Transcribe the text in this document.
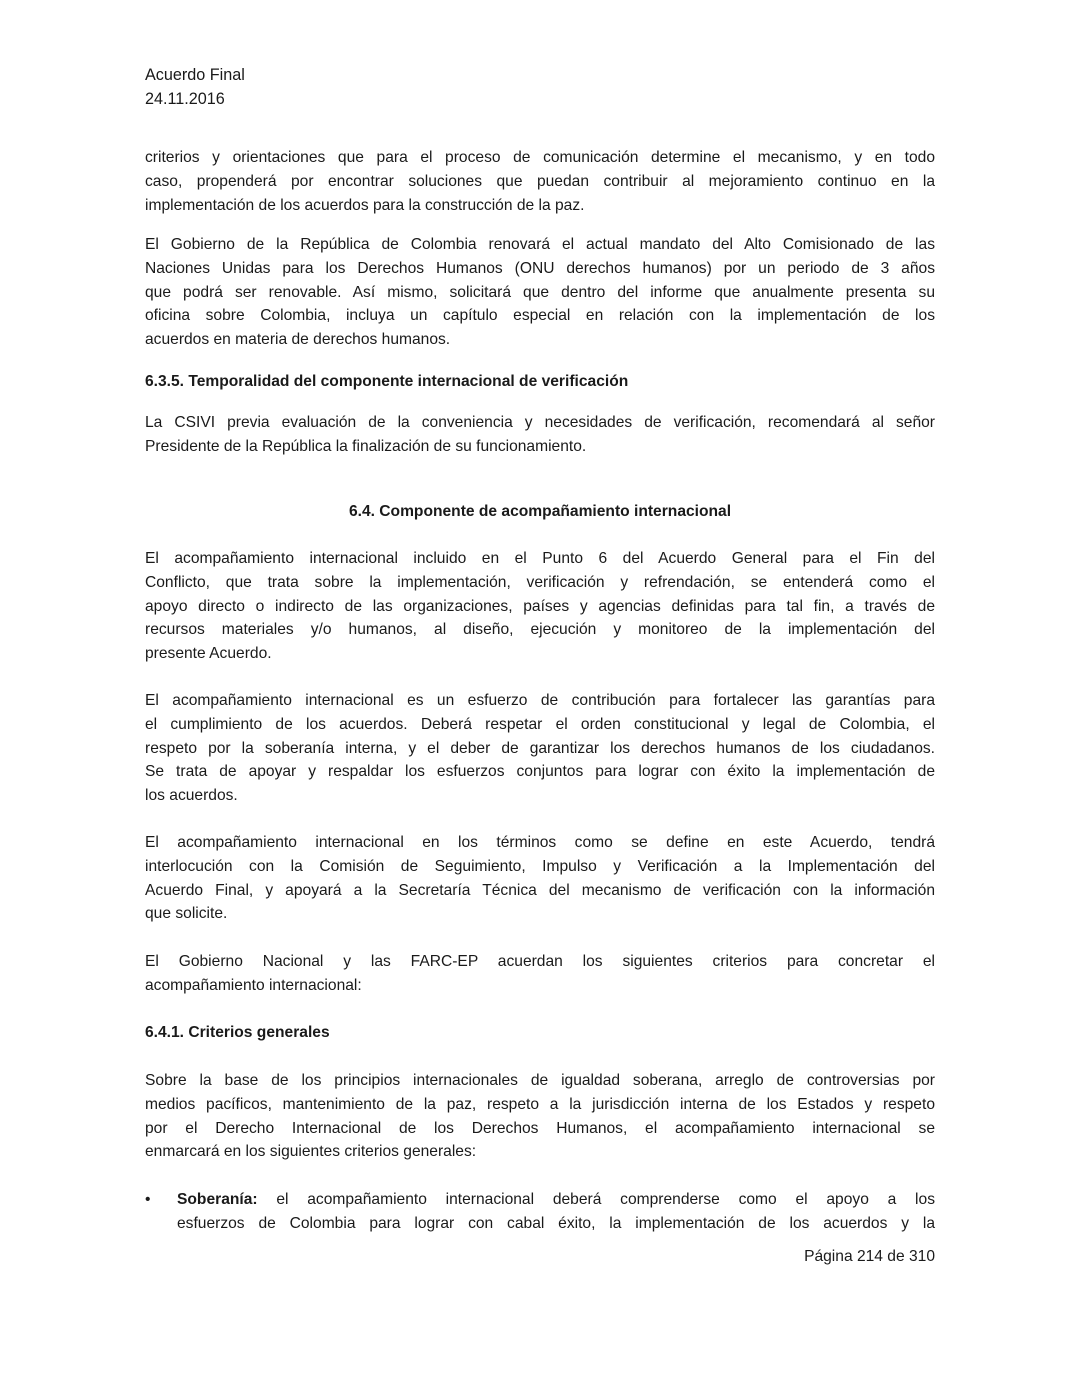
Acuerdo Final
24.11.2016
criterios y orientaciones que para el proceso de comunicación determine el mecanismo, y en todo
caso, propenderá por encontrar soluciones que puedan contribuir al mejoramiento continuo en la
implementación de los acuerdos para la construcción de la paz.
El Gobierno de la República de Colombia renovará el actual mandato del Alto Comisionado de las
Naciones Unidas para los Derechos Humanos (ONU derechos humanos) por un periodo de 3 años
que podrá ser renovable. Así mismo, solicitará que dentro del informe que anualmente presenta su
oficina sobre Colombia, incluya un capítulo especial en relación con la implementación de los
acuerdos en materia de derechos humanos.
6.3.5. Temporalidad del componente internacional de verificación
La CSIVI previa evaluación de la conveniencia y necesidades de verificación, recomendará al señor
Presidente de la República la finalización de su funcionamiento.
6.4. Componente de acompañamiento internacional
El acompañamiento internacional incluido en el Punto 6 del Acuerdo General para el Fin del
Conflicto, que trata sobre la implementación, verificación y refrendación, se entenderá como el
apoyo directo o indirecto de las organizaciones, países y agencias definidas para tal fin, a través de
recursos materiales y/o humanos, al diseño, ejecución y monitoreo de la implementación del
presente Acuerdo.
El acompañamiento internacional es un esfuerzo de contribución para fortalecer las garantías para
el cumplimiento de los acuerdos. Deberá respetar el orden constitucional y legal de Colombia, el
respeto por la soberanía interna, y el deber de garantizar los derechos humanos de los ciudadanos.
Se trata de apoyar y respaldar los esfuerzos conjuntos para lograr con éxito la implementación de
los acuerdos.
El acompañamiento internacional en los términos como se define en este Acuerdo, tendrá
interlocución con la Comisión de Seguimiento, Impulso y Verificación a la Implementación del
Acuerdo Final, y apoyará a la Secretaría Técnica del mecanismo de verificación con la información
que solicite.
El Gobierno Nacional y las FARC-EP acuerdan los siguientes criterios para concretar el
acompañamiento internacional:
6.4.1. Criterios generales
Sobre la base de los principios internacionales de igualdad soberana, arreglo de controversias por
medios pacíficos, mantenimiento de la paz, respeto a la jurisdicción interna de los Estados y respeto
por el Derecho Internacional de los Derechos Humanos, el acompañamiento internacional se
enmarcará en los siguientes criterios generales:
• Soberanía: el acompañamiento internacional deberá comprenderse como el apoyo a los
esfuerzos de Colombia para lograr con cabal éxito, la implementación de los acuerdos y la
Página 214 de 310
